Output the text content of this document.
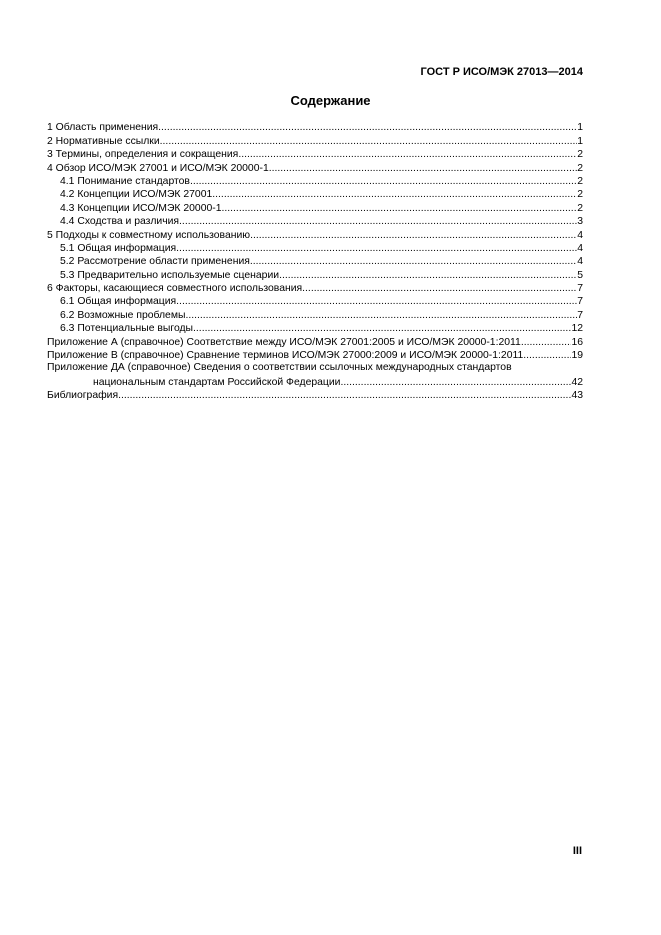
ГОСТ Р ИСО/МЭК 27013—2014
Содержание
1 Область применения .....	1
2 Нормативные ссылки .....	1
3 Термины, определения и сокращения .....	2
4 Обзор ИСО/МЭК 27001 и ИСО/МЭК 20000-1 .....	2
4.1 Понимание стандартов .....	2
4.2 Концепции ИСО/МЭК 27001 .....	2
4.3 Концепции ИСО/МЭК 20000-1 .....	2
4.4 Сходства и различия .....	3
5 Подходы к совместному использованию .....	4
5.1 Общая информация .....	4
5.2 Рассмотрение области применения .....	4
5.3 Предварительно используемые сценарии .....	5
6 Факторы, касающиеся совместного использования .....	7
6.1 Общая информация .....	7
6.2 Возможные проблемы .....	7
6.3 Потенциальные выгоды .....	12
Приложение А (справочное) Соответствие между ИСО/МЭК 27001:2005 и ИСО/МЭК 20000-1:2011 .....	16
Приложение В (справочное) Сравнение терминов ИСО/МЭК 27000:2009 и ИСО/МЭК 20000-1:2011 .....	19
Приложение ДА (справочное) Сведения о соответствии ссылочных международных стандартов
национальным стандартам Российской Федерации .....	42
Библиография .....	43
III
